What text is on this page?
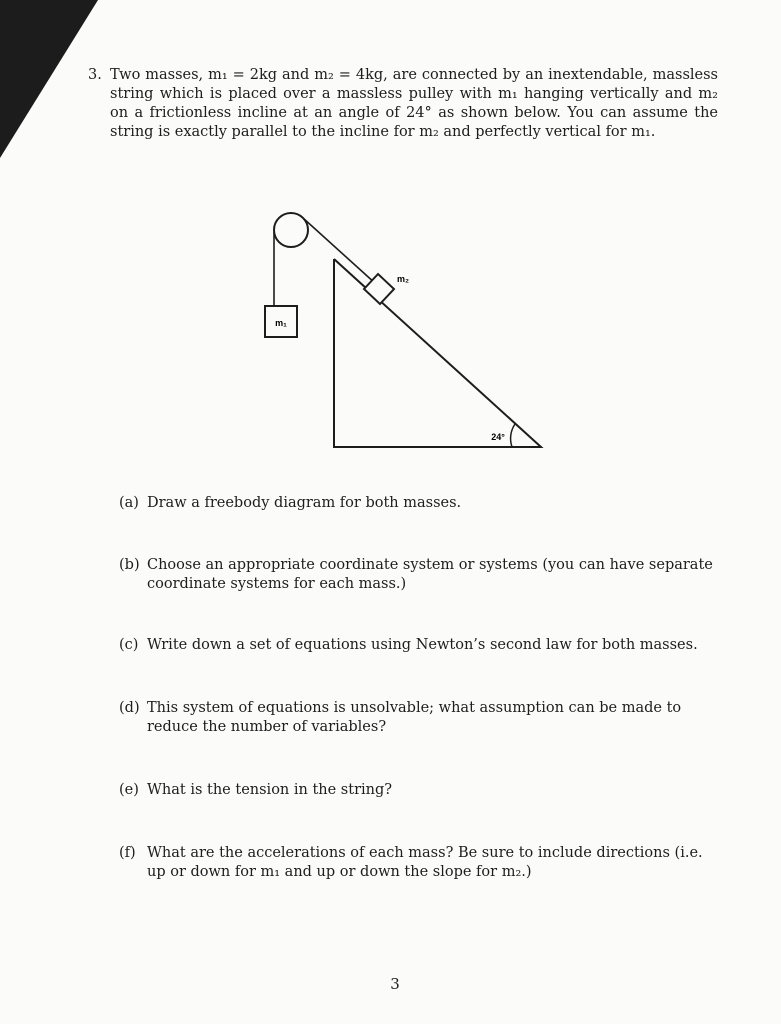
3. Two masses, m₁ = 2kg and m₂ = 4kg, are connected by an inextendable, massless string which is placed over a massless pulley with m₁ hanging vertically and m₂ on a frictionless incline at an angle of 24° as shown below. You can assume the string is exactly parallel to the incline for m₂ and perfectly vertical for m₁.
m₁
m₂
24°
(a) Draw a freebody diagram for both masses.
(b) Choose an appropriate coordinate system or systems (you can have separate coordinate systems for each mass.)
(c) Write down a set of equations using Newton’s second law for both masses.
(d) This system of equations is unsolvable; what assumption can be made to reduce the number of variables?
(e) What is the tension in the string?
(f) What are the accelerations of each mass? Be sure to include directions (i.e. up or down for m₁ and up or down the slope for m₂.)
3
